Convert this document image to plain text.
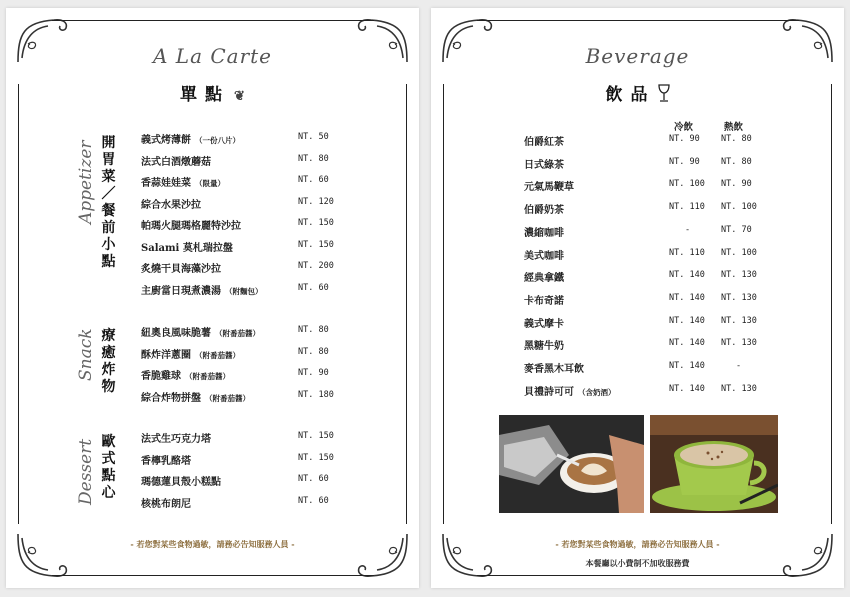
A La Carte
單點 ❦
Appetizer 開胃菜／餐前小點
義式烤薄餅 （一份八片）	NT. 50
法式白酒燉蘑菇	NT. 80
香蒜娃娃菜 （限量）	NT. 60
綜合水果沙拉	NT. 120
帕瑪火腿瑪格麗特沙拉	NT. 150
Salami 莫札瑞拉盤	NT. 150
炙燒干貝海藻沙拉	NT. 200
主廚當日現煮濃湯 （附麵包）	NT. 60
Snack 療癒炸物
紐奧良風味脆薯 （附番茄醬）	NT. 80
酥炸洋蔥圈 （附番茄醬）	NT. 80
香脆雞球 （附番茄醬）	NT. 90
綜合炸物拼盤 （附番茄醬）	NT. 180
Dessert 歐式點心
法式生巧克力塔	NT. 150
香檸乳酪塔	NT. 150
瑪德蓮貝殼小糕點	NT. 60
核桃布朗尼	NT. 60
- 若您對某些食物過敏，請務必告知服務人員 -
Beverage
飲品
冷飲	熱飲
伯爵紅茶	NT. 90	NT. 80
日式綠茶	NT. 90	NT. 80
元氣馬鞭草	NT. 100 NT. 90
伯爵奶茶	NT. 110 NT. 100
濃縮咖啡	-	NT. 70
美式咖啡	NT. 110 NT. 100
經典拿鐵	NT. 140 NT. 130
卡布奇諾	NT. 140 NT. 130
義式摩卡	NT. 140 NT. 130
黑糖牛奶	NT. 140 NT. 130
麥香黑木耳飲	NT. 140	-
貝禮詩可可 （含奶酒）	NT. 140 NT. 130
- 若您對某些食物過敏，請務必告知服務人員 -
本餐廳以小費制不加收服務費
